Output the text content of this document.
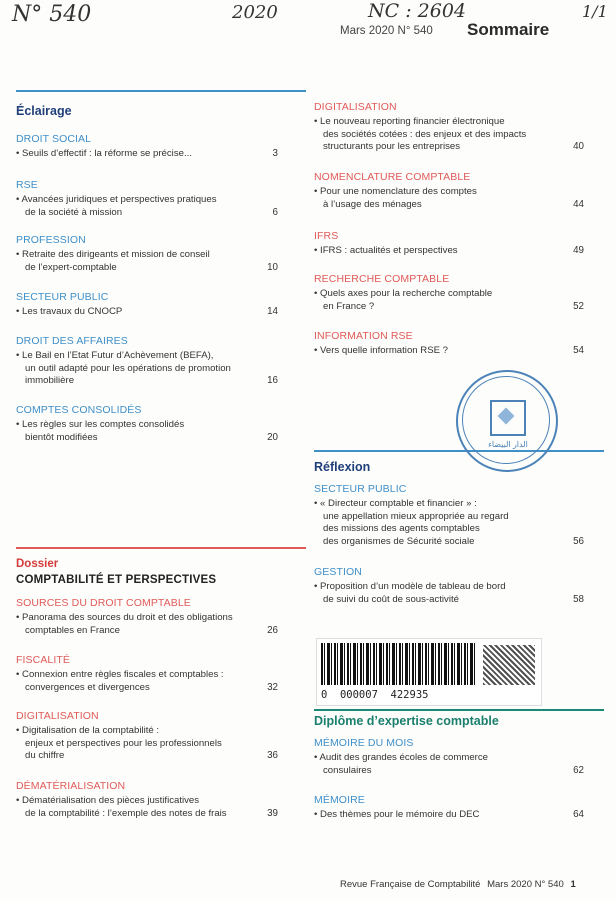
N° 540	2020	NC : 2604	1/1
Mars 2020 N° 540 Sommaire
Éclairage
DROIT SOCIAL
• Seuils d’effectif : la réforme se précise...	3
RSE
• Avancées juridiques et perspectives pratiques
de la société à mission	6
PROFESSION
• Retraite des dirigeants et mission de conseil
de l’expert-comptable	10
SECTEUR PUBLIC
• Les travaux du CNOCP	14
DROIT DES AFFAIRES
• Le Bail en l’Etat Futur d’Achèvement (BEFA),
un outil adapté pour les opérations de promotion
immobilière	16
COMPTES CONSOLIDÉS
• Les règles sur les comptes consolidés
bientôt modifiées	20
DIGITALISATION
• Le nouveau reporting financier électronique
des sociétés cotées : des enjeux et des impacts
structurants pour les entreprises	40
NOMENCLATURE COMPTABLE
• Pour une nomenclature des comptes
à l’usage des ménages	44
IFRS
• IFRS : actualités et perspectives	49
RECHERCHE COMPTABLE
• Quels axes pour la recherche comptable
en France ?	52
INFORMATION RSE
• Vers quelle information RSE ?	54
Dossier
COMPTABILITÉ ET PERSPECTIVES
SOURCES DU DROIT COMPTABLE
• Panorama des sources du droit et des obligations
comptables en France	26
FISCALITÉ
• Connexion entre règles fiscales et comptables :
convergences et divergences	32
DIGITALISATION
• Digitalisation de la comptabilité :
enjeux et perspectives pour les professionnels
du chiffre	36
DÉMATÉRIALISATION
• Dématérialisation des pièces justificatives
de la comptabilité : l’exemple des notes de frais	39
Réflexion
SECTEUR PUBLIC
• « Directeur comptable et financier » :
une appellation mieux appropriée au regard
des missions des agents comptables
des organismes de Sécurité sociale	56
GESTION
• Proposition d’un modèle de tableau de bord
de suivi du coût de sous-activité	58
الدار البيضاء
0  000007  422935
Diplôme d’expertise comptable
MÉMOIRE DU MOIS
• Audit des grandes écoles de commerce
consulaires	62
MÉMOIRE
• Des thèmes pour le mémoire du DEC	64
Revue Française de Comptabilité Mars 2020 N° 540 1
